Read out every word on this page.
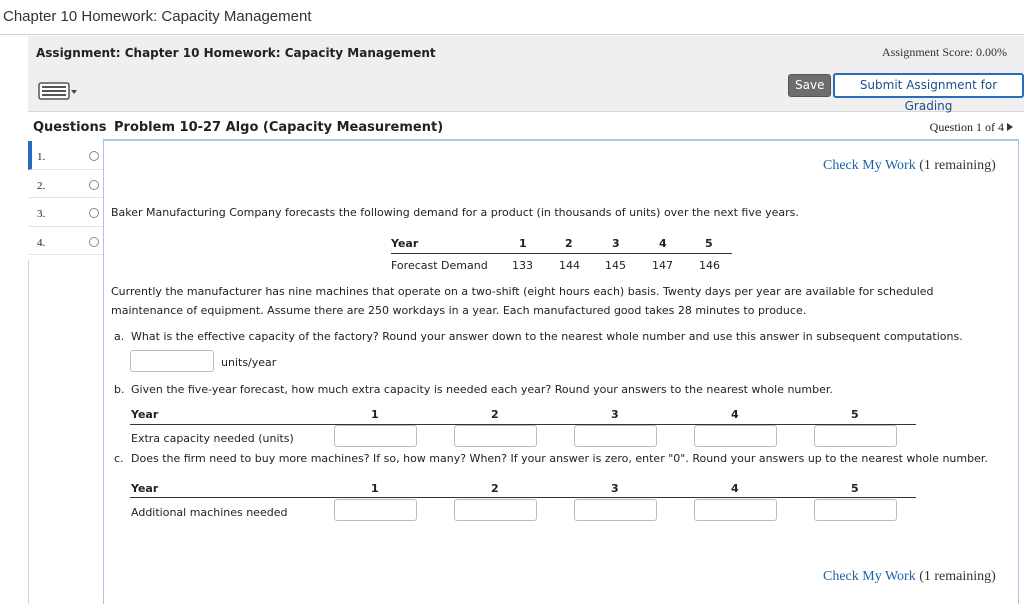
Chapter 10 Homework: Capacity Management
Assignment: Chapter 10 Homework: Capacity Management	Assignment Score: 0.00%
Save	Submit Assignment for Grading
Questions Problem 10-27 Algo (Capacity Measurement)	Question 1 of 4
1.
2.
3.
4.
Check My Work (1 remaining)
Baker Manufacturing Company forecasts the following demand for a product (in thousands of units) over the next five years.
Year	1	2	3	4	5
Forecast Demand 133 144 145 147 146
Currently the manufacturer has nine machines that operate on a two-shift (eight hours each) basis. Twenty days per year are available for scheduled
maintenance of equipment. Assume there are 250 workdays in a year. Each manufactured good takes 28 minutes to produce.
a. What is the effective capacity of the factory? Round your answer down to the nearest whole number and use this answer in subsequent computations.
units/year
b. Given the five-year forecast, how much extra capacity is needed each year? Round your answers to the nearest whole number.
Year	1	2	3	4	5
Extra capacity needed (units)
c. Does the firm need to buy more machines? If so, how many? When? If your answer is zero, enter "0". Round your answers up to the nearest whole number.
Year	1	2	3	4	5
Additional machines needed
Check My Work (1 remaining)
